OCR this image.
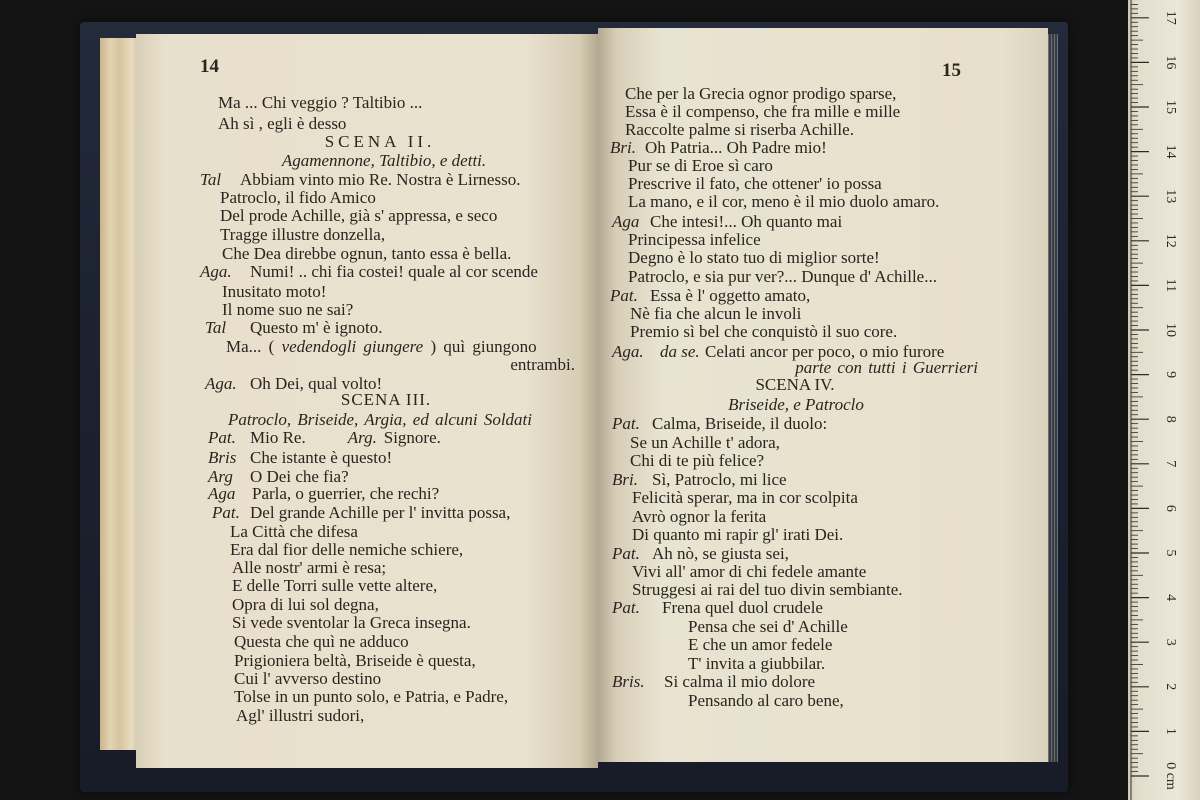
14
Ma ... Chi veggio ? Taltibio ...
Ah sì , egli è desso
SCENA II.
Agamennone, Taltibio, e detti.
Tal Abbiam vinto mio Re. Nostra è Lirnesso.
Patroclo, il fido Amico
Del prode Achille, già s' appressa, e seco
Tragge illustre donzella,
Che Dea direbbe ognun, tanto essa è bella.
Aga. Numi! .. chi fia costei! quale al cor scende
Inusitato moto!
Il nome suo ne sai?
Tal Questo m' è ignoto.
Ma... ( vedendogli giungere ) quì giungono
entrambi.
Aga. Oh Dei, qual volto!
SCENA III.
Patroclo, Briseide, Argia, ed alcuni Soldati
Pat. Mio Re. Arg. Signore.
Bris Che istante è questo!
Arg O Dei che fia?
Aga Parla, o guerrier, che rechi?
Pat. Del grande Achille per l' invitta possa,
La Città che difesa
Era dal fior delle nemiche schiere,
Alle nostr' armi è resa;
E delle Torri sulle vette altere,
Opra di lui sol degna,
Si vede sventolar la Greca insegna.
Questa che quì ne adduco
Prigioniera beltà, Briseide è questa,
Cui l' avverso destino
Tolse in un punto solo, e Patria, e Padre,
Agl' illustri sudori,
15
Che per la Grecia ognor prodigo sparse,
Essa è il compenso, che fra mille e mille
Raccolte palme si riserba Achille.
Bri. Oh Patria... Oh Padre mio!
Pur se di Eroe sì caro
Prescrive il fato, che ottener' io possa
La mano, e il cor, meno è il mio duolo amaro.
Aga Che intesi!... Oh quanto mai
Principessa infelice
Degno è lo stato tuo di miglior sorte!
Patroclo, e sia pur ver?... Dunque d' Achille...
Pat. Essa è l' oggetto amato,
Nè fia che alcun le involi
Premio sì bel che conquistò il suo core.
Aga. da se. Celati ancor per poco, o mio furore
parte con tutti i Guerrieri
SCENA IV.
Briseide, e Patroclo
Pat. Calma, Briseide, il duolo:
Se un Achille t' adora,
Chi di te più felice?
Bri. Sì, Patroclo, mi lice
Felicità sperar, ma in cor scolpita
Avrò ognor la ferita
Di quanto mi rapir gl' irati Dei.
Pat. Ah nò, se giusta sei,
Vivi all' amor di chi fedele amante
Struggesi ai rai del tuo divin sembiante.
Pat. Frena quel duol crudele
Pensa che sei d' Achille
E che un amor fedele
T' invita a giubbilar.
Bris. Si calma il mio dolore
Pensando al caro bene,
0 cm
1
2
3
4
5
6
7
8
9
10
11
12
13
14
15
16
17
